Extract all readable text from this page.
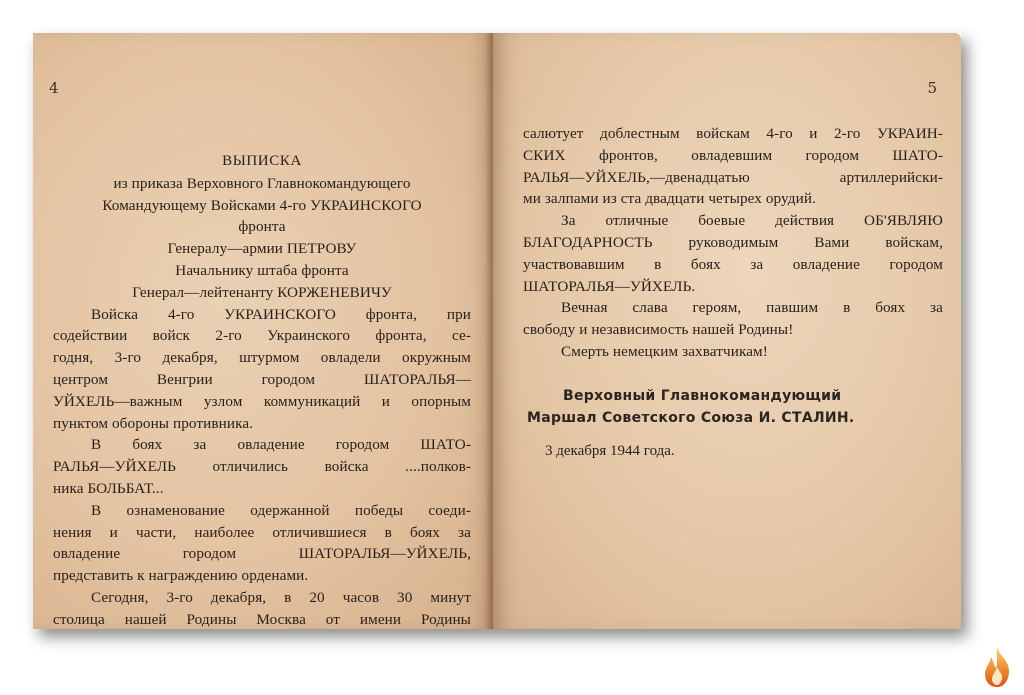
4

ВЫПИСКА

из приказа Верховного Главнокомандующего

Командующему Войсками 4-го УКРАИНСКОГО

фронта

Генералу—армии ПЕТРОВУ

Начальнику штаба фронта

Генерал—лейтенанту КОРЖЕНЕВИЧУ

Войска 4-го УКРАИНСКОГО фронта, при
содействии войск 2-го Украинского фронта, се-
годня, 3-го декабря, штурмом овладели окружным
центром Венгрии городом ШАТОРАЛЬЯ—
УЙХЕЛЬ—важным узлом коммуникаций и опорным
пунктом обороны противника.
В боях за овладение городом ШАТО-
РАЛЬЯ—УЙХЕЛЬ отличились войска ....полков-
ника БОЛЬБАТ...
В ознаменование одержанной победы соеди-
нения и части, наиболее отличившиеся в боях за
овладение городом ШАТОРАЛЬЯ—УЙХЕЛЬ,
представить к награждению орденами.
Сегодня, 3-го декабря, в 20 часов 30 минут
столица нашей Родины Москва от имени Родины
5
салютует доблестным войскам 4-го и 2-го УКРАИН-
СКИХ фронтов, овладевшим городом ШАТО-
РАЛЬЯ—УЙХЕЛЬ,—двенадцатью артиллерийски-
ми залпами из ста двадцати четырех орудий.
За отличные боевые действия ОБ'ЯВЛЯЮ
БЛАГОДАРНОСТЬ руководимым Вами войскам,
участвовавшим в боях за овладение городом
ШАТОРАЛЬЯ—УЙХЕЛЬ.
Вечная слава героям, павшим в боях за
свободу и независимость нашей Родины!
Смерть немецким захватчикам!
Верховный Главнокомандующий
Маршал Советского Союза И. СТАЛИН.
3 декабря 1944 года.
